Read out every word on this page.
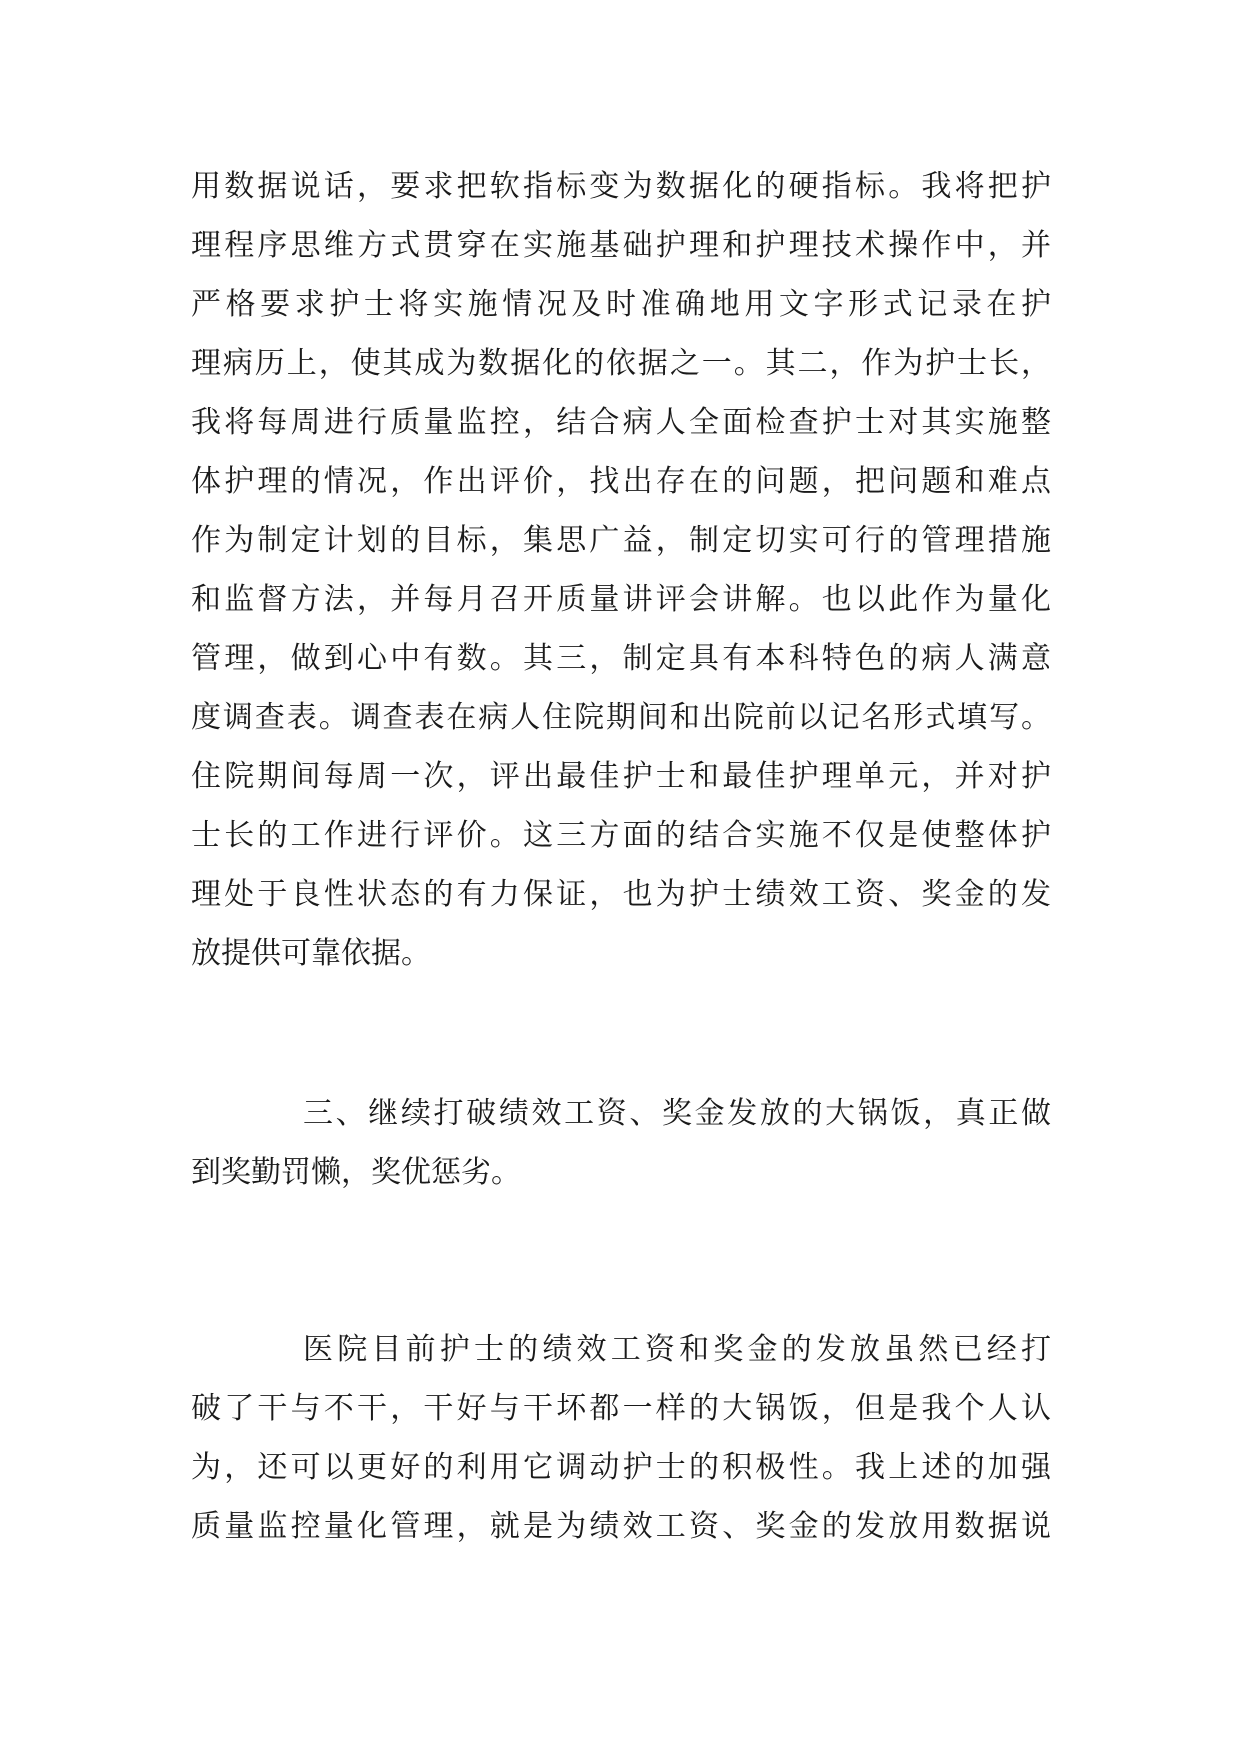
用数据说话，要求把软指标变为数据化的硬指标。我将把护
理程序思维方式贯穿在实施基础护理和护理技术操作中，并
严格要求护士将实施情况及时准确地用文字形式记录在护
理病历上，使其成为数据化的依据之一。其二，作为护士长，
我将每周进行质量监控，结合病人全面检查护士对其实施整
体护理的情况，作出评价，找出存在的问题，把问题和难点
作为制定计划的目标，集思广益，制定切实可行的管理措施
和监督方法，并每月召开质量讲评会讲解。也以此作为量化
管理，做到心中有数。其三，制定具有本科特色的病人满意
度调查表。调查表在病人住院期间和出院前以记名形式填写。
住院期间每周一次，评出最佳护士和最佳护理单元，并对护
士长的工作进行评价。这三方面的结合实施不仅是使整体护
理处于良性状态的有力保证，也为护士绩效工资、奖金的发
放提供可靠依据。
三、继续打破绩效工资、奖金发放的大锅饭，真正做
到奖勤罚懒，奖优惩劣。
医院目前护士的绩效工资和奖金的发放虽然已经打
破了干与不干，干好与干坏都一样的大锅饭，但是我个人认
为，还可以更好的利用它调动护士的积极性。我上述的加强
质量监控量化管理，就是为绩效工资、奖金的发放用数据说
